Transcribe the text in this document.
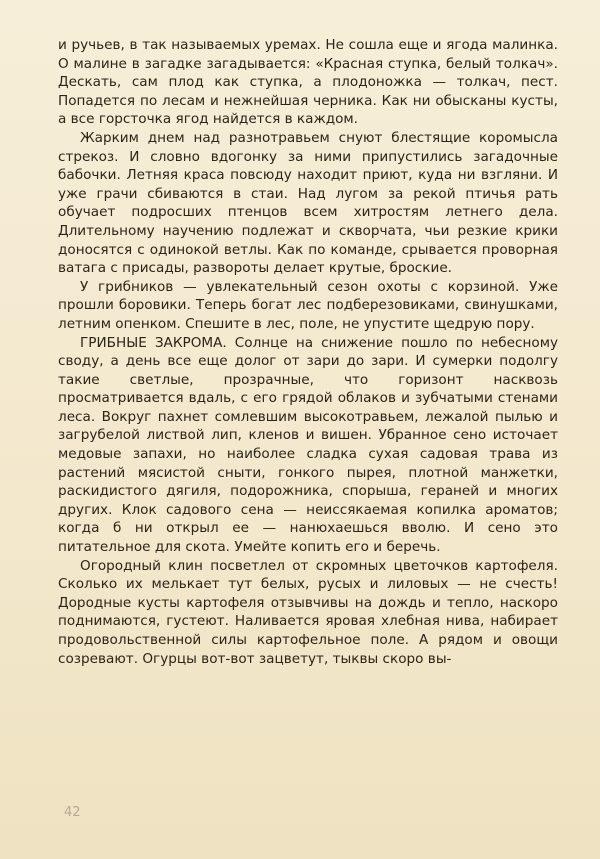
и ручьев, в так называемых уремах. Не сошла еще и ягода малинка. О малине в загадке загадывается: «Красная ступка, белый толкач». Дескать, сам плод как ступка, а плодоножка — толкач, пест. Попадется по лесам и нежнейшая черника. Как ни обысканы кусты, а все горсточка ягод найдется в каждом.

Жарким днем над разнотравьем снуют блестящие коромысла стрекоз. И словно вдогонку за ними припустились загадочные бабочки. Летняя краса повсюду находит приют, куда ни взгляни. И уже грачи сбиваются в стаи. Над лугом за рекой птичья рать обучает подросших птенцов всем хитростям летнего дела. Длительному научению подлежат и скворчата, чьи резкие крики доносятся с одинокой ветлы. Как по команде, срывается проворная ватага с присады, развороты делает крутые, броские.

У грибников — увлекательный сезон охоты с корзиной. Уже прошли боровики. Теперь богат лес подберезовиками, свинушками, летним опенком. Спешите в лес, поле, не упустите щедрую пору.

ГРИБНЫЕ ЗАКРОМА. Солнце на снижение пошло по небесному своду, а день все еще долог от зари до зари. И сумерки подолгу такие светлые, прозрачные, что горизонт насквозь просматривается вдаль, с его грядой облаков и зубчатыми стенами леса. Вокруг пахнет сомлевшим высокотравьем, лежалой пылью и загрубелой листвой лип, кленов и вишен. Убранное сено источает медовые запахи, но наиболее сладка сухая садовая трава из растений мясистой сныти, гонкого пырея, плотной манжетки, раскидистого дягиля, подорожника, спорыша, гераней и многих других. Клок садового сена — неиссякаемая копилка ароматов; когда б ни открыл ее — нанюхаешься вволю. И сено это питательное для скота. Умейте копить его и беречь.

Огородный клин посветлел от скромных цветочков картофеля. Сколько их мелькает тут белых, русых и лиловых — не счесть! Дородные кусты картофеля отзывчивы на дождь и тепло, наскоро поднимаются, густеют. Наливается яровая хлебная нива, набирает продовольственной силы картофельное поле. А рядом и овощи созревают. Огурцы вот-вот зацветут, тыквы скоро вы-

42
